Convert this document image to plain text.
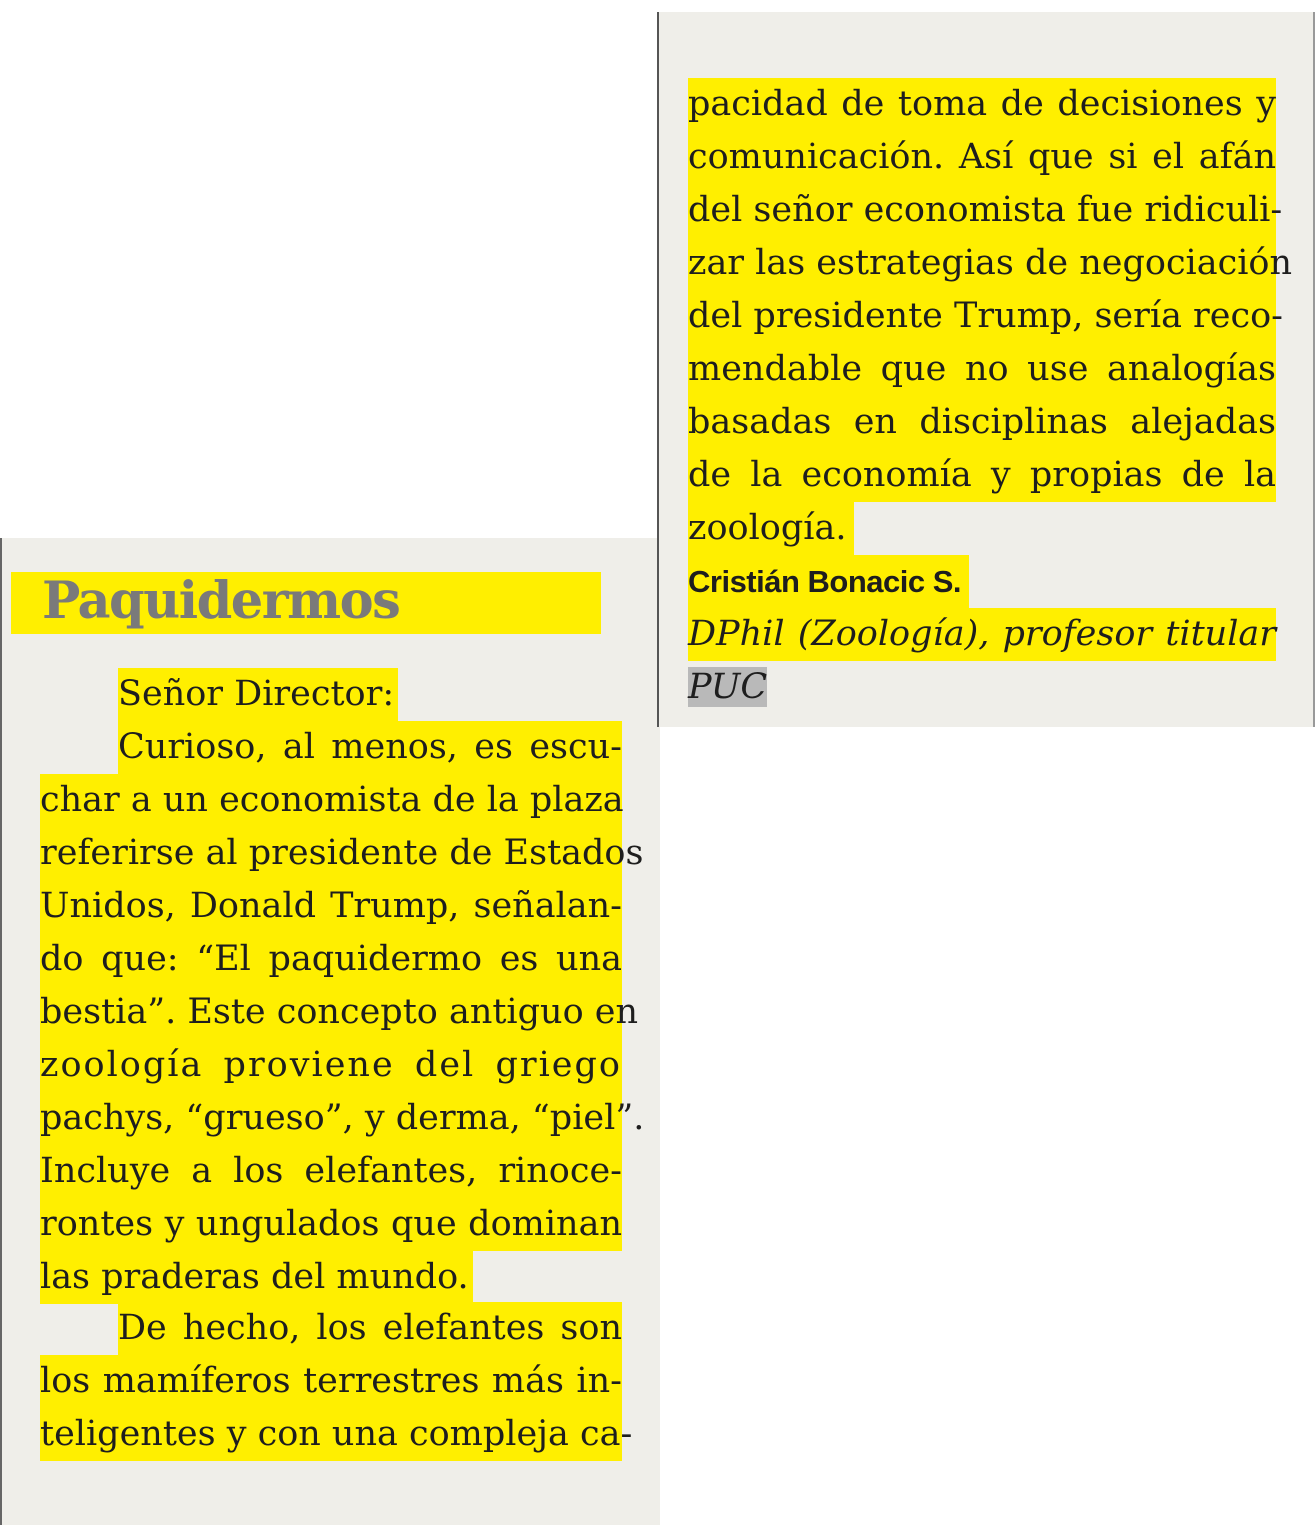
Paquidermos
Señor Director:
Curioso, al menos, es escu-
char a un economista de la plaza
referirse al presidente de Estados
Unidos, Donald Trump, señalan-
do que: “El paquidermo es una
bestia”. Este concepto antiguo en
zoología proviene del griego
pachys, “grueso”, y derma, “piel”.
Incluye a los elefantes, rinoce-
rontes y ungulados que dominan
las praderas del mundo.
De hecho, los elefantes son
los mamíferos terrestres más in-
teligentes y con una compleja ca-
pacidad de toma de decisiones y
comunicación. Así que si el afán
del señor economista fue ridiculi-
zar las estrategias de negociación
del presidente Trump, sería reco-
mendable que no use analogías
basadas en disciplinas alejadas
de la economía y propias de la
zoología.
Cristián Bonacic S.
DPhil (Zoología), profesor titular
PUC
